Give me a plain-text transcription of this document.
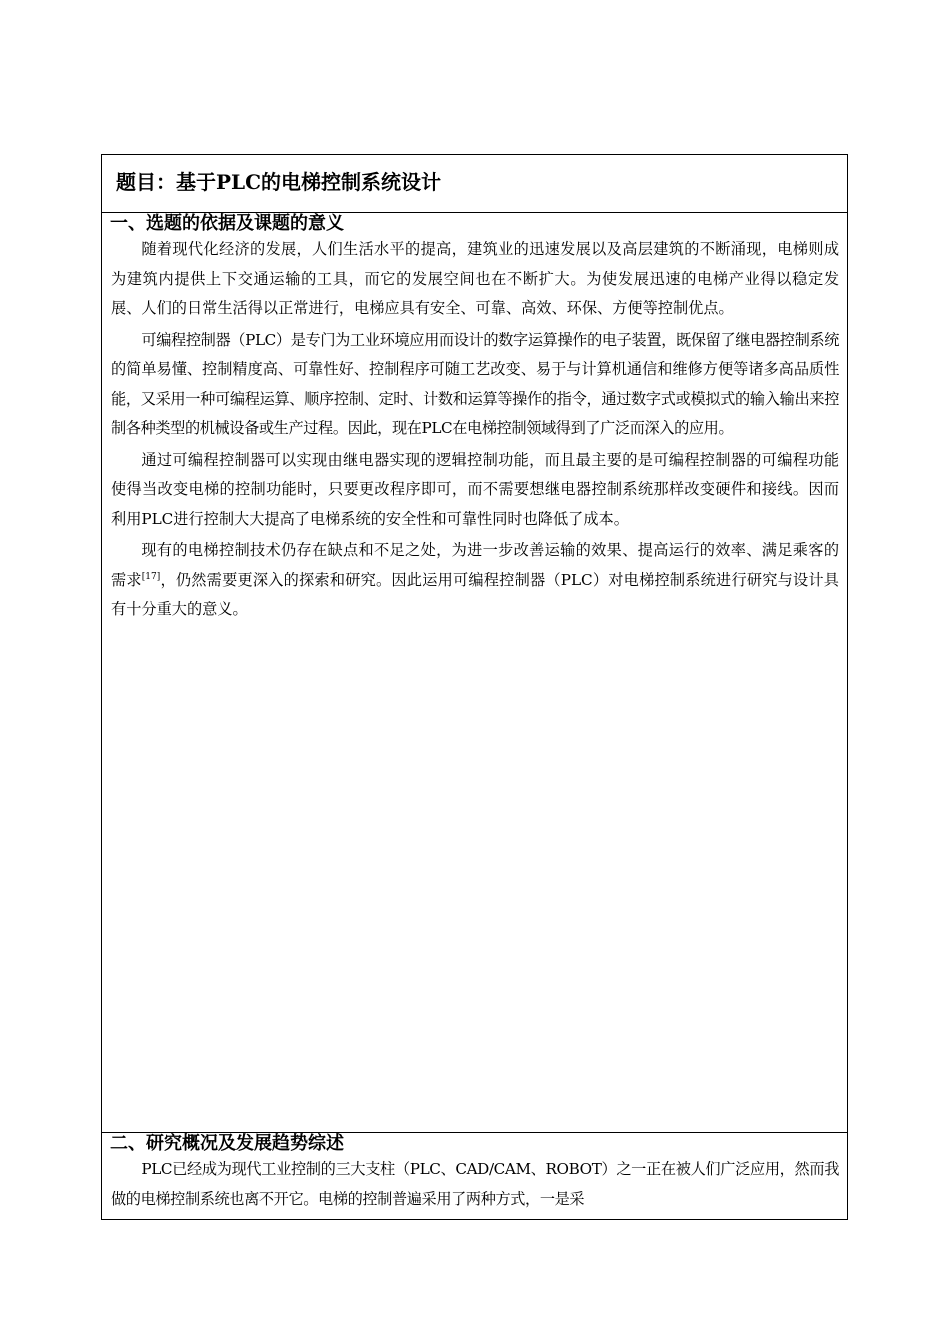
题目：基于PLC的电梯控制系统设计
一、选题的依据及课题的意义

随着现代化经济的发展，人们生活水平的提高，建筑业的迅速发展以及高层建筑的不断涌现，电梯则成为建筑内提供上下交通运输的工具，而它的发展空间也在不断扩大。为使发展迅速的电梯产业得以稳定发展、人们的日常生活得以正常进行，电梯应具有安全、可靠、高效、环保、方便等控制优点。

可编程控制器（PLC）是专门为工业环境应用而设计的数字运算操作的电子装置，既保留了继电器控制系统的简单易懂、控制精度高、可靠性好、控制程序可随工艺改变、易于与计算机通信和维修方便等诸多高品质性能，又采用一种可编程运算、顺序控制、定时、计数和运算等操作的指令，通过数字式或模拟式的输入输出来控制各种类型的机械设备或生产过程。因此，现在PLC在电梯控制领域得到了广泛而深入的应用。

通过可编程控制器可以实现由继电器实现的逻辑控制功能，而且最主要的是可编程控制器的可编程功能使得当改变电梯的控制功能时，只要更改程序即可，而不需要想继电器控制系统那样改变硬件和接线。因而利用PLC进行控制大大提高了电梯系统的安全性和可靠性同时也降低了成本。

现有的电梯控制技术仍存在缺点和不足之处，为进一步改善运输的效果、提高运行的效率、满足乘客的需求[17]，仍然需要更深入的探索和研究。因此运用可编程控制器（PLC）对电梯控制系统进行研究与设计具有十分重大的意义。

二、研究概况及发展趋势综述

PLC已经成为现代工业控制的三大支柱（PLC、CAD/CAM、ROBOT）之一正在被人们广泛应用，然而我做的电梯控制系统也离不开它。电梯的控制普遍采用了两种方式，一是采
